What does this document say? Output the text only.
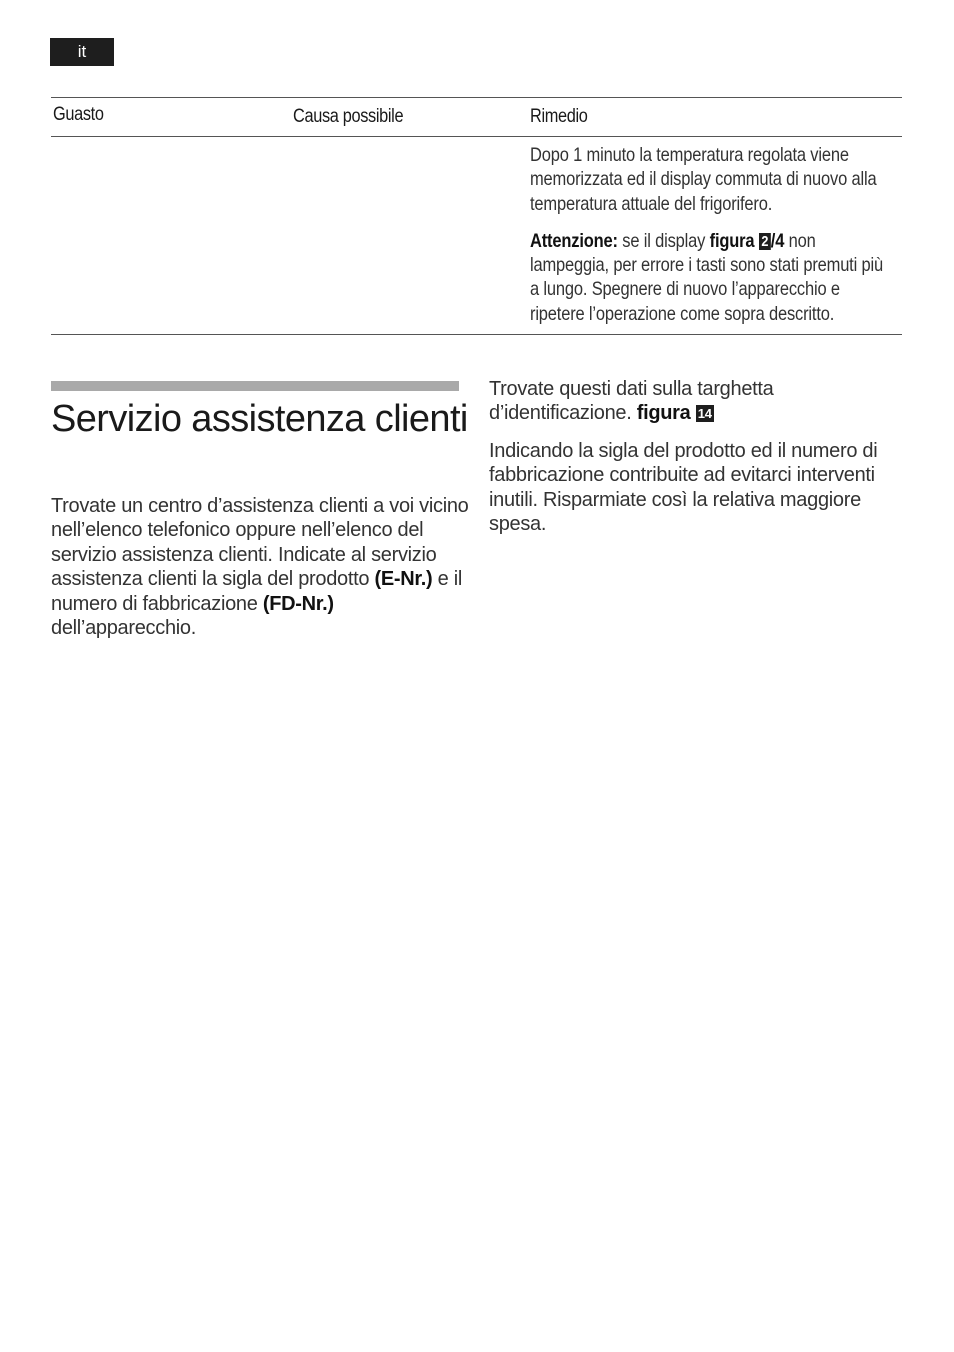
it
Guasto	Causa possibile	Rimedio

Dopo 1 minuto la temperatura regolata viene memorizzata ed il display commuta di nuovo alla temperatura attuale del frigorifero.

Attenzione: se il display figura 2 /4 non lampeggia, per errore i tasti sono stati premuti più a lungo. Spegnere di nuovo l’apparecchio e ripetere l’operazione come sopra descritto.

Servizio assistenza clienti

Trovate un centro d’assistenza clienti a voi vicino nell’elenco telefonico oppure nell’elenco del servizio assistenza clienti. Indicate al servizio assistenza clienti la sigla del prodotto (E-Nr.) e il numero di fabbricazione (FD-Nr.) dell’apparecchio.

Trovate questi dati sulla targhetta d’identificazione. figura 14

Indicando la sigla del prodotto ed il numero di fabbricazione contribuite ad evitarci interventi inutili. Risparmiate così la relativa maggiore spesa.
